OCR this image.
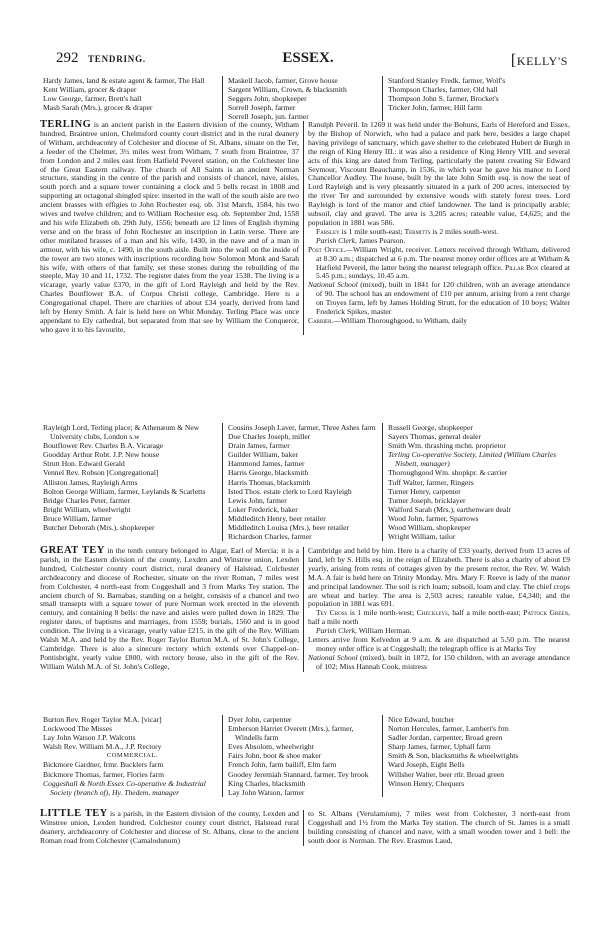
292 TENDRING.	ESSEX.	[KELLY'S
Hardy James, land & estate agent & farmer, The Hall
Kent William, grocer & draper
Low George, farmer, Brett's hall
Mash Sarah (Mrs.), grocer & draper
Maskell Jacob, farmer, Grove house
Sargent William, Crown, & blacksmith
Seggers John, shopkeeper
Sorrell Joseph, farmer
Sorrell Joseph, jun. farmer
Stanford Stanley Fredk. farmer, Wolf's
Thompson Charles, farmer, Old hall
Thompson John S. farmer, Brocket's
Tricker John, farmer, Hill farm

TERLING is an ancient parish in the Eastern division of the county, Witham hundred, Braintree union, Chelmsford county court district and in the rural deanery of Witham, archdeaconry of Colchester and diocese of St. Albans, situate on the Ter, a feeder of the Chelmer, 3½ miles west from Witham, 7 south from Braintree, 37 from London and 2 miles east from Hatfield Peverel station, on the Colchester line of the Great Eastern railway. The church of All Saints is an ancient Norman structure, standing in the centre of the parish and consists of chancel, nave, aisles, south porch and a square tower containing a clock and 5 bells recast in 1808 and supporting an octagonal shingled spire: inserted in the wall of the south aisle are two ancient brasses with effigies to John Rochester esq. ob. 31st March, 1584, his two wives and twelve children; and to William Rochester esq. ob. September 2nd, 1558 and his wife Elizabeth ob. 29th July, 1556; beneath are 12 lines of English rhyming verse and on the brass of John Rochester an inscription in Latin verse. There are other mutilated brasses of a man and his wife, 1430, in the nave and of a man in armour, with his wife, c. 1490, in the south aisle. Built into the wall on the inside of the tower are two stones with inscriptions recording how Solomon Monk and Sarah his wife, with others of that family, set these stones during the rebuilding of the steeple, May 10 and 11, 1732. The register dates from the year 1538. The living is a vicarage, yearly value £370, in the gift of Lord Rayleigh and held by the Rev. Charles Boutflower B.A. of Corpus Christi college, Cambridge. Here is a Congregational chapel. There are charities of about £34 yearly, derived from land left by Henry Smith. A fair is held here on Whit Monday. Terling Place was once appendant to Ely cathedral, but separated from that see by William the Conqueror, who gave it to his favourite,

Ranulph Peveril. In 1269 it was held under the Bohuns, Earls of Hereford and Essex, by the Bishop of Norwich, who had a palace and park here, besides a large chapel having privilege of sanctuary, which gave shelter to the celebrated Hubert de Burgh in the reign of King Henry III.: it was also a residence of King Henry VIII. and several acts of this king are dated from Terling, particularly the patent creating Sir Edward Seymour, Viscount Beauchamp, in 1536, in which year he gave his manor to Lord Chancellor Audley. The house, built by the late John Smith esq. is now the seat of Lord Rayleigh and is very pleasantly situated in a park of 200 acres, intersected by the river Ter and surrounded by extensive woods with stately forest trees. Lord Rayleigh is lord of the manor and chief landowner. The land is principally arable; subsoil, clay and gravel. The area is 3,205 acres; rateable value, £4,625; and the population in 1881 was 586.

Farsley is 1 mile south-east; Termitts is 2 miles south-west.

Parish Clerk, James Pearson.

Post Office.—William Wright, receiver. Letters received through Witham, delivered at 8.30 a.m.; dispatched at 6 p.m. The nearest money order offices are at Witham & Hatfield Peverel, the latter being the nearest telegraph office. Pillar Box cleared at 5.45 p.m.; sundays, 10.45 a.m.

National School (mixed), built in 1841 for 120 children, with an average attendance of 90. The school has an endowment of £10 per annum, arising from a rent charge on Troyes farm, left by James Holding Strutt, for the education of 10 boys; Walter Frederick Spikes, master

Carrier.—William Thoroughgood, to Witham, daily

Rayleigh Lord, Terling place; & Athenæum & New University clubs, London s.w
Boutflower Rev. Charles B.A. Vicarage
Goodday Arthur Robt. J.P. New house
Strutt Hon. Edward Gerald
Vennel Rev. Robson [Congregational]
Alliston James, Rayleigh Arms
Bolton George William, farmer, Leylands & Scarletts
Bridge Charles Peter, farmer
Bright William, wheelwright
Bruce William, farmer
Butcher Deborah (Mrs.), shopkeeper
Cousins Joseph Laver, farmer, Three Ashes farm
Doe Charles Joseph, miller
Drain James, farmer
Guilder William, baker
Hammond James, farmer
Harris George, blacksmith
Harris Thomas, blacksmith
Isted Thos. estate clerk to Lord Rayleigh
Lewis John, farmer
Loker Frederick, baker
Middleditch Henry, beer retailer
Middleditch Louisa (Mrs.), beer retailer
Richardson Charles, farmer
Russell George, shopkeeper
Sayers Thomas, general dealer
Smith Wm. thrashing mchn. proprietor
Terling Co-operative Society, Limited (William Charles Nisbett, manager)
Thoroughgood Wm. shopkpr. & carrier
Tuff Walter, farmer, Ringers
Turner Henry, carpenter
Turner Joseph, bricklayer
Walford Sarah (Mrs.), earthenware dealr
Wood John, farmer, Sparrows
Wood William, shopkeeper
Wright William, tailor

GREAT TEY in the tenth century belonged to Algar, Earl of Mercia: it is a parish, in the Eastern division of the county, Lexden and Winstree union, Lexden hundred, Colchester county court district, rural deanery of Halstead, Colchester archdeaconry and diocese of Rochester, situate on the river Roman, 7 miles west from Colchester, 4 north-east from Coggeshall and 3 from Marks Tey station. The ancient church of St. Barnabas, standing on a height, consists of a chancel and two small transepts with a square tower of pure Norman work erected in the eleventh century, and containing 8 bells: the nave and aisles were pulled down in 1829. The register dates, of baptisms and marriages, from 1559; burials, 1560 and is in good condition. The living is a vicarage, yearly value £215, in the gift of the Rev. William Walsh M.A. and held by the Rev. Roger Taylor Burton M.A. of St. John's College, Cambridge. There is also a sinecure rectory which extends over Chappel-on-Pontisbright, yearly value £800, with rectory house, also in the gift of the Rev. William Walsh M.A. of St. John's College,

Cambridge and held by him. Here is a charity of £33 yearly, derived from 13 acres of land, left by S. Hills esq. in the reign of Elizabeth. There is also a charity of about £9 yearly, arising from rents of cottages given by the present rector, the Rev. W. Walsh M.A. A fair is held here on Trinity Monday. Mrs. Mary F. Reeve is lady of the manor and principal landowner. The soil is rich loam; subsoil, loam and clay. The chief crops are wheat and barley. The area is 2,503 acres; rateable value, £4,340; and the population in 1881 was 691.

Tey Cross is 1 mile north-west; Checkleys, half a mile north-east; Pattock Green, half a mile north

Parish Clerk, William Herman.

Letters arrive from Kelvedon at 9 a.m. & are dispatched at 5.50 p.m. The nearest money order office is at Coggeshall; the telegraph office is at Marks Tey

National School (mixed), built in 1872, for 150 children, with an average attendance of 102; Miss Hannah Cook, mistress

Burton Rev. Roger Taylor M.A. [vicar]
Lockwood The Misses
Lay John Watson J.P. Walcotts
Walsh Rev. William M.A., J.P. Rectory
COMMERCIAL.
Bickmore Gardner, frmr. Bucklers farm
Bickmore Thomas, farmer, Flories farm
Coggeshall & North Essex Co-operative & Industrial Society (branch of), Hy. Thedem, manager
Dyer John, carpenter
Emberson Harriet Overett (Mrs.), farmer, Windells farm
Eves Absolom, wheelwright
Fairs John, boot & shoe maker
French John, farm bailiff, Elm farm
Goodey Jeremiah Stannard, farmer, Tey brook
King Charles, blacksmith
Lay John Watson, farmer
Nice Edward, butcher
Norton Hercules, farmer, Lambert's frm
Sadler Jordan, carpenter, Broad green
Sharp James, farmer, Uphall farm
Smith & Son, blacksmiths & wheelwrights
Ward Joseph, Eight Bells
Willsher Walter, beer rtlr. Broad green
Winson Henry, Chequers

LITTLE TEY is a parish, in the Eastern division of the county, Lexden and Winstree union, Lexden hundred, Colchester county court district, Halstead rural deanery, archdeaconry of Colchester and diocese of St. Albans, close to the ancient Roman road from Colchester (Camalodunum)

to St. Albans (Verulamium), 7 miles west from Colchester, 3 north-east from Coggeshall and 1½ from the Marks Tey station. The church of St. James is a small building consisting of chancel and nave, with a small wooden tower and 1 bell: the south door is Norman. The Rev. Erasmus Laud,
